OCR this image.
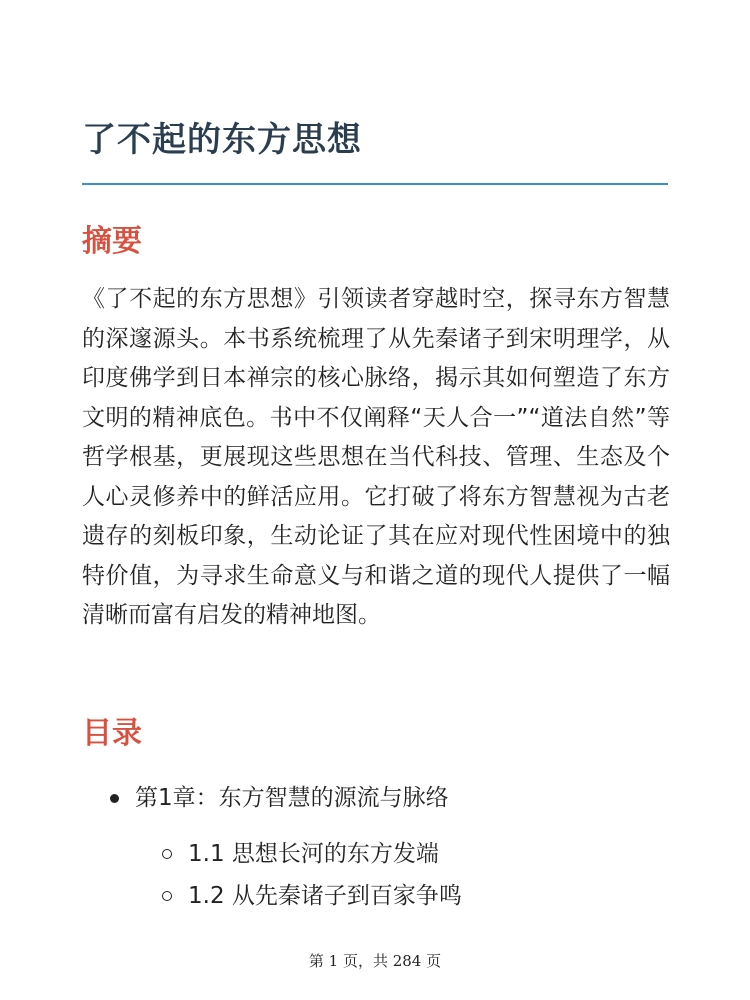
了不起的东方思想
摘要

《了不起的东方思想》引领读者穿越时空，探寻东方智慧的深邃源头。本书系统梳理了从先秦诸子到宋明理学，从印度佛学到日本禅宗的核心脉络，揭示其如何塑造了东方文明的精神底色。书中不仅阐释“天人合一”“道法自然”等哲学根基，更展现这些思想在当代科技、管理、生态及个人心灵修养中的鲜活应用。它打破了将东方智慧视为古老遗存的刻板印象，生动论证了其在应对现代性困境中的独特价值，为寻求生命意义与和谐之道的现代人提供了一幅清晰而富有启发的精神地图。

目录
第1章：东方智慧的源流与脉络
1.1 思想长河的东方发端
1.2 从先秦诸子到百家争鸣
第 1 页，共 284 页
